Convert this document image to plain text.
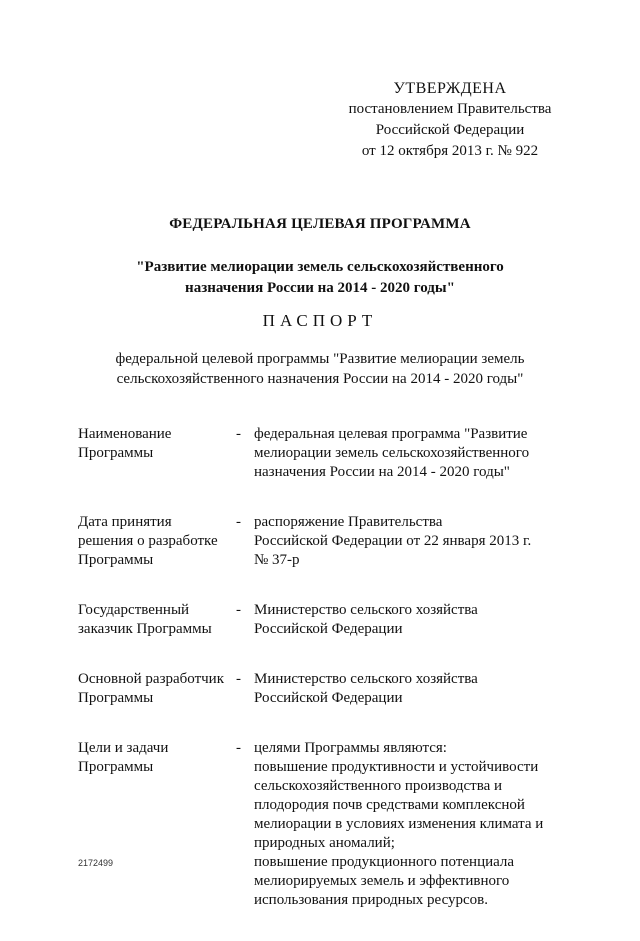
УТВЕРЖДЕНА
постановлением Правительства
Российской Федерации
от 12 октября 2013 г. № 922
ФЕДЕРАЛЬНАЯ ЦЕЛЕВАЯ ПРОГРАММА
"Развитие мелиорации земель сельскохозяйственного
назначения России на 2014 - 2020 годы"
ПАСПОРТ
федеральной целевой программы "Развитие мелиорации земель
сельскохозяйственного назначения России на 2014 - 2020 годы"
Наименование
Программы
- федеральная целевая программа "Развитие
мелиорации земель сельскохозяйственного
назначения России на 2014 - 2020 годы"
Дата принятия
решения о разработке
Программы
- распоряжение Правительства
Российской Федерации от 22 января 2013 г.
№ 37-р
Государственный
заказчик Программы
- Министерство сельского хозяйства
Российской Федерации
Основной разработчик
Программы
- Министерство сельского хозяйства
Российской Федерации
Цели и задачи
Программы
- целями Программы являются:
повышение продуктивности и устойчивости
сельскохозяйственного производства и
плодородия почв средствами комплексной
мелиорации в условиях изменения климата и
природных аномалий;
повышение продукционного потенциала
мелиорируемых земель и эффективного
использования природных ресурсов.
2172499
